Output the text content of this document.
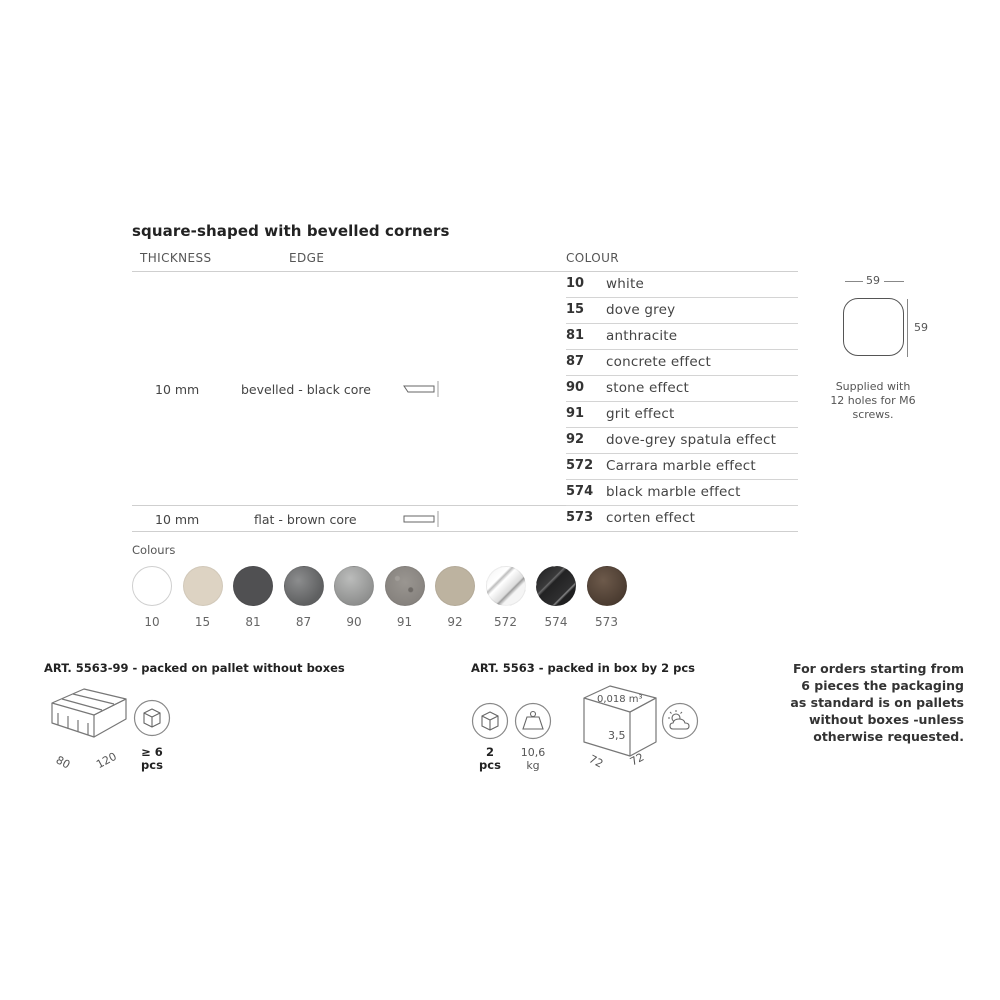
square-shaped with bevelled corners
THICKNESS	EDGE	COLOUR
10 mm	bevelled - black core
10 mm	flat - brown core
10 white
15 dove grey
81 anthracite
87 concrete effect
90 stone effect
91 grit effect
92 dove-grey spatula effect
572 Carrara marble effect
574 black marble effect
573 corten effect
59
59
Supplied with
12 holes for M6
screws.
Colours
10	15	81	87	90	91	92	572	574	573
ART. 5563-99 - packed on pallet without boxes
80 120	≥ 6
pcs
ART. 5563 - packed in box by 2 pcs
2
pcs
10,6
kg
0,018 m³
3,5
72 72
For orders starting from
6 pieces the packaging
as standard is on pallets
without boxes -unless
otherwise requested.
